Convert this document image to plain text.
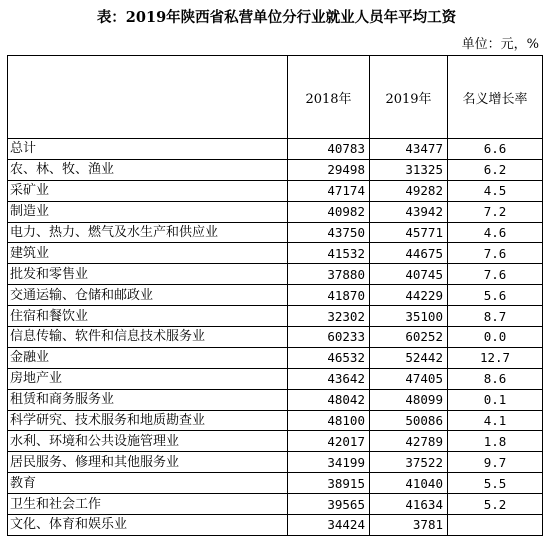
表：2019年陕西省私营单位分行业就业人员年平均工资
单位：元，%
	2018年	2019年	名义增长率
总计	40783	43477	6.6
农、林、牧、渔业	29498	31325	6.2
采矿业	47174	49282	4.5
制造业	40982	43942	7.2
电力、热力、燃气及水生产和供应业	43750	45771	4.6
建筑业	41532	44675	7.6
批发和零售业	37880	40745	7.6
交通运输、仓储和邮政业	41870	44229	5.6
住宿和餐饮业	32302	35100	8.7
信息传输、软件和信息技术服务业	60233	60252	0.0
金融业	46532	52442	12.7
房地产业	43642	47405	8.6
租赁和商务服务业	48042	48099	0.1
科学研究、技术服务和地质勘查业	48100	50086	4.1
水利、环境和公共设施管理业	42017	42789	1.8
居民服务、修理和其他服务业	34199	37522	9.7
教育	38915	41040	5.5
卫生和社会工作	39565	41634	5.2
文化、体育和娱乐业	34424	3781	
